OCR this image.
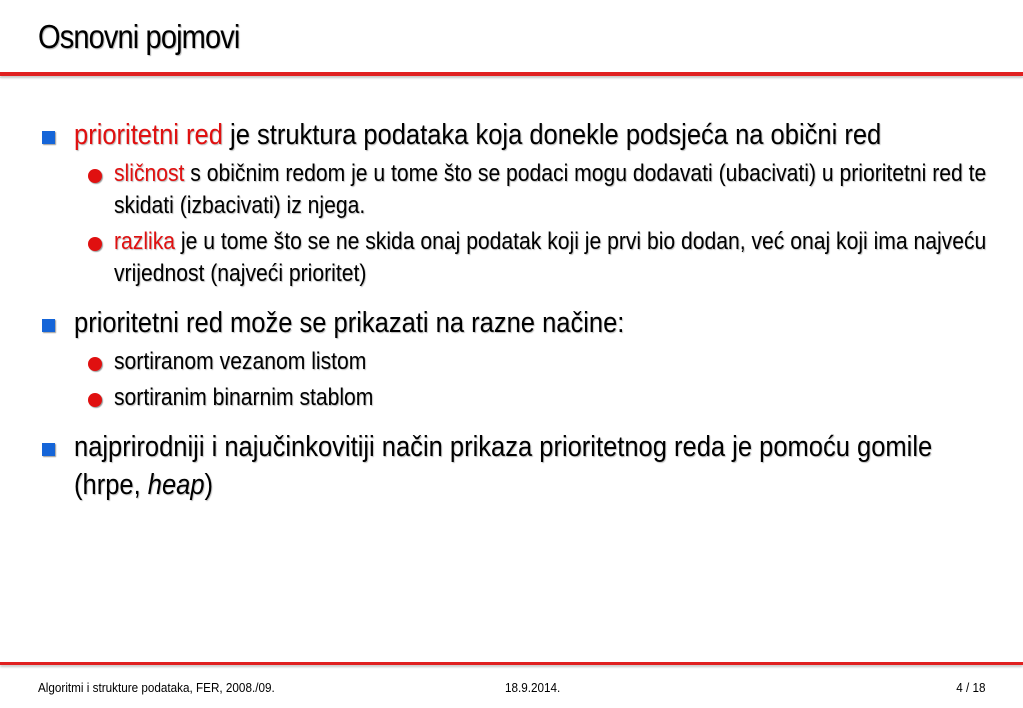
Osnovni pojmovi
prioritetni red je struktura podataka koja donekle podsjeća na obični red
sličnost s običnim redom je u tome što se podaci mogu dodavati (ubacivati) u prioritetni red te skidati (izbacivati) iz njega.
razlika je u tome što se ne skida onaj podatak koji je prvi bio dodan, već onaj koji ima najveću vrijednost (najveći prioritet)
prioritetni red može se prikazati na razne načine:
sortiranom vezanom listom
sortiranim binarnim stablom
najprirodniji i najučinkovitiji način prikaza prioritetnog reda je pomoću gomile (hrpe, heap)
Algoritmi i strukture podataka, FER, 2008./09.	18.9.2014.	4 / 18
